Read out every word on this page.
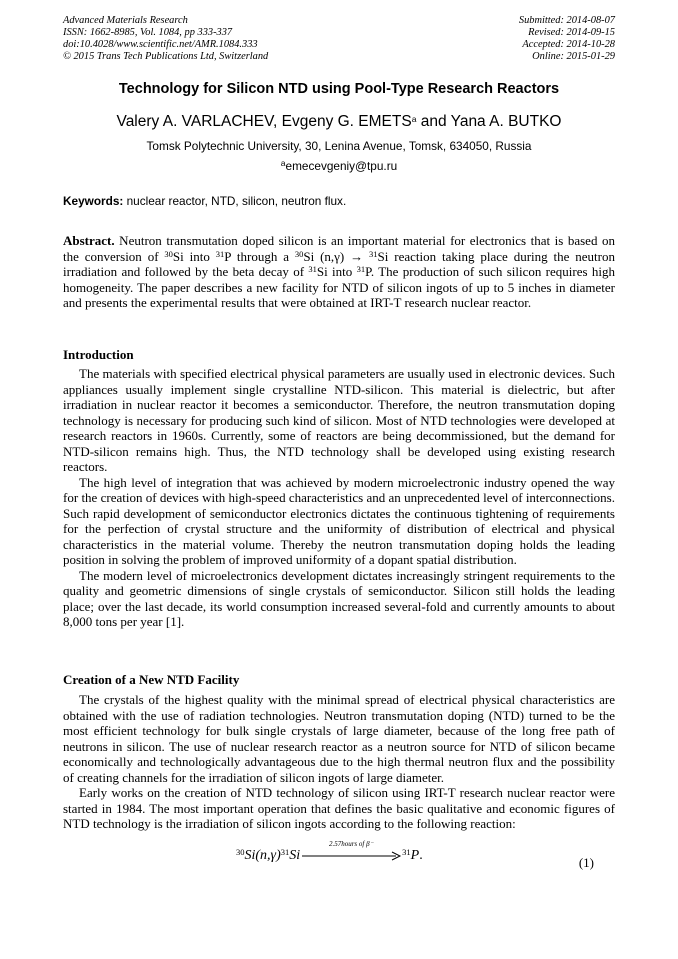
Advanced Materials Research
ISSN: 1662-8985, Vol. 1084, pp 333-337
doi:10.4028/www.scientific.net/AMR.1084.333
© 2015 Trans Tech Publications Ltd, Switzerland
Submitted: 2014-08-07
Revised: 2014-09-15
Accepted: 2014-10-28
Online: 2015-01-29
Technology for Silicon NTD using Pool-Type Research Reactors
Valery A. VARLACHEV, Evgeny G. EMETS$^a$ and Yana A. BUTKO
Tomsk Polytechnic University, 30, Lenina Avenue, Tomsk, 634050, Russia
$^a$emecevgeniy@tpu.ru
Keywords: nuclear reactor, NTD, silicon, neutron flux.
Abstract. Neutron transmutation doped silicon is an important material for electronics that is based on the conversion of $^{30}$Si into $^{31}$P through a $^{30}$Si (n,γ) → $^{31}$Si reaction taking place during the neutron irradiation and followed by the beta decay of $^{31}$Si into $^{31}$P. The production of such silicon requires high homogeneity. The paper describes a new facility for NTD of silicon ingots of up to 5 inches in diameter and presents the experimental results that were obtained at IRT-T research nuclear reactor.
Introduction

The materials with specified electrical physical parameters are usually used in electronic devices. Such appliances usually implement single crystalline NTD-silicon. This material is dielectric, but after irradiation in nuclear reactor it becomes a semiconductor. Therefore, the neutron transmutation doping technology is necessary for producing such kind of silicon. Most of NTD technologies were developed at research reactors in 1960s. Currently, some of reactors are being decommissioned, but the demand for NTD-silicon remains high. Thus, the NTD technology shall be developed using existing research reactors.

The high level of integration that was achieved by modern microelectronic industry opened the way for the creation of devices with high-speed characteristics and an unprecedented level of interconnections. Such rapid development of semiconductor electronics dictates the continuous tightening of requirements for the perfection of crystal structure and the uniformity of distribution of electrical and physical characteristics in the material volume. Thereby the neutron transmutation doping holds the leading position in solving the problem of improved uniformity of a dopant spatial distribution.

The modern level of microelectronics development dictates increasingly stringent requirements to the quality and geometric dimensions of single crystals of semiconductor. Silicon still holds the leading place; over the last decade, its world consumption increased several-fold and currently amounts to about 8,000 tons per year [1].

Creation of a New NTD Facility

The crystals of the highest quality with the minimal spread of electrical physical characteristics are obtained with the use of radiation technologies. Neutron transmutation doping (NTD) turned to be the most efficient technology for bulk single crystals of large diameter, because of the long free path of neutrons in silicon. The use of nuclear research reactor as a neutron source for NTD of silicon became economically and technologically advantageous due to the high thermal neutron flux and the possibility of creating channels for the irradiation of silicon ingots of large diameter.

Early works on the creation of NTD technology of silicon using IRT-T research nuclear reactor were started in 1984. The most important operation that defines the basic qualitative and economic figures of NTD technology is the irradiation of silicon ingots according to the following reaction:

$^{30}Si(n,\gamma)^{31}Si$
2.57hours of β⁻
$^{31}$P.	(1)
